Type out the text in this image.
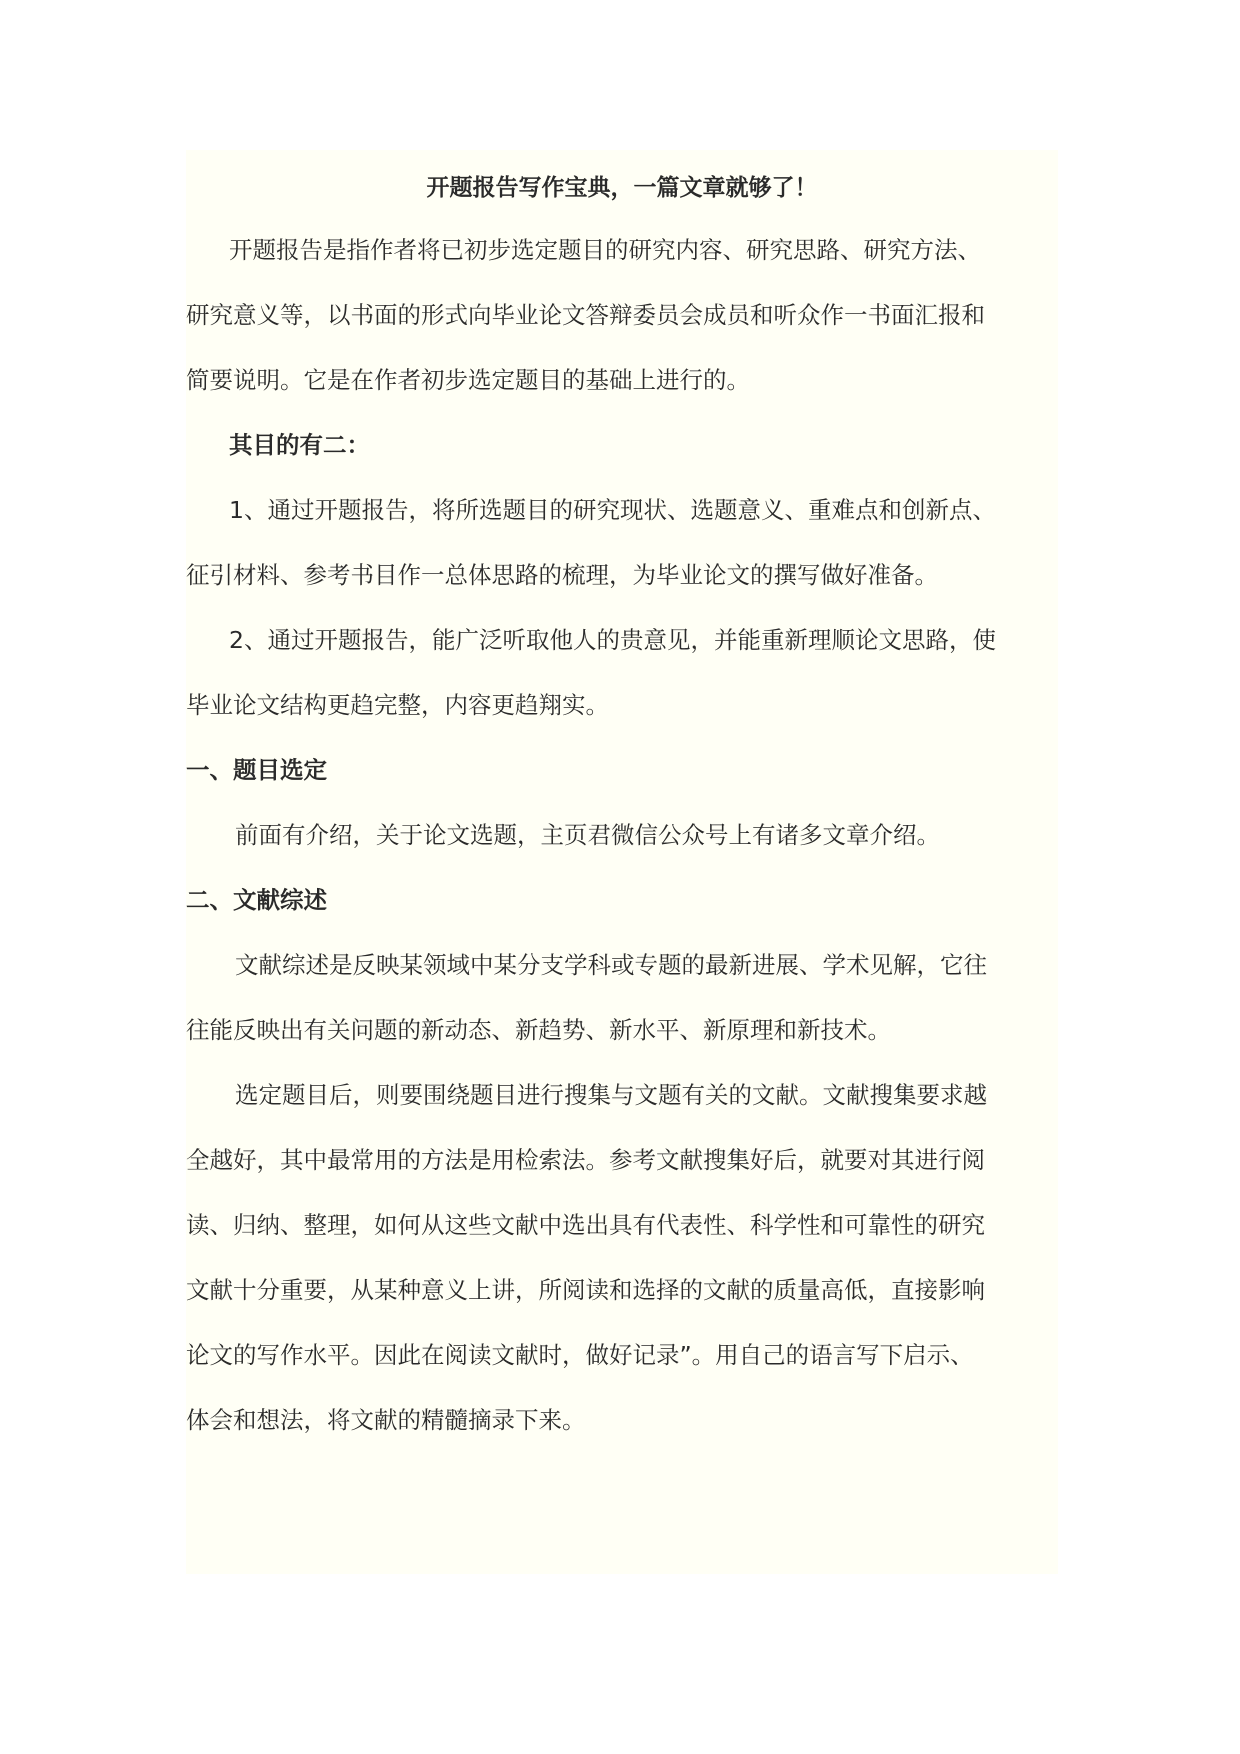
开题报告写作宝典，一篇文章就够了！
开题报告是指作者将已初步选定题目的研究内容、研究思路、研究方法、
研究意义等，以书面的形式向毕业论文答辩委员会成员和听众作一书面汇报和
简要说明。它是在作者初步选定题目的基础上进行的。
其目的有二：
1、通过开题报告，将所选题目的研究现状、选题意义、重难点和创新点、
征引材料、参考书目作一总体思路的梳理，为毕业论文的撰写做好准备。
2、通过开题报告，能广泛听取他人的贵意见，并能重新理顺论文思路，使
毕业论文结构更趋完整，内容更趋翔实。
一、题目选定
前面有介绍，关于论文选题，主页君微信公众号上有诸多文章介绍。
二、文献综述
文献综述是反映某领域中某分支学科或专题的最新进展、学术见解，它往
往能反映出有关问题的新动态、新趋势、新水平、新原理和新技术。
选定题目后，则要围绕题目进行搜集与文题有关的文献。文献搜集要求越
全越好，其中最常用的方法是用检索法。参考文献搜集好后，就要对其进行阅
读、归纳、整理，如何从这些文献中选出具有代表性、科学性和可靠性的研究
文献十分重要，从某种意义上讲，所阅读和选择的文献的质量高低，直接影响
论文的写作水平。因此在阅读文献时，做好记录”。用自己的语言写下启示、
体会和想法，将文献的精髓摘录下来。
